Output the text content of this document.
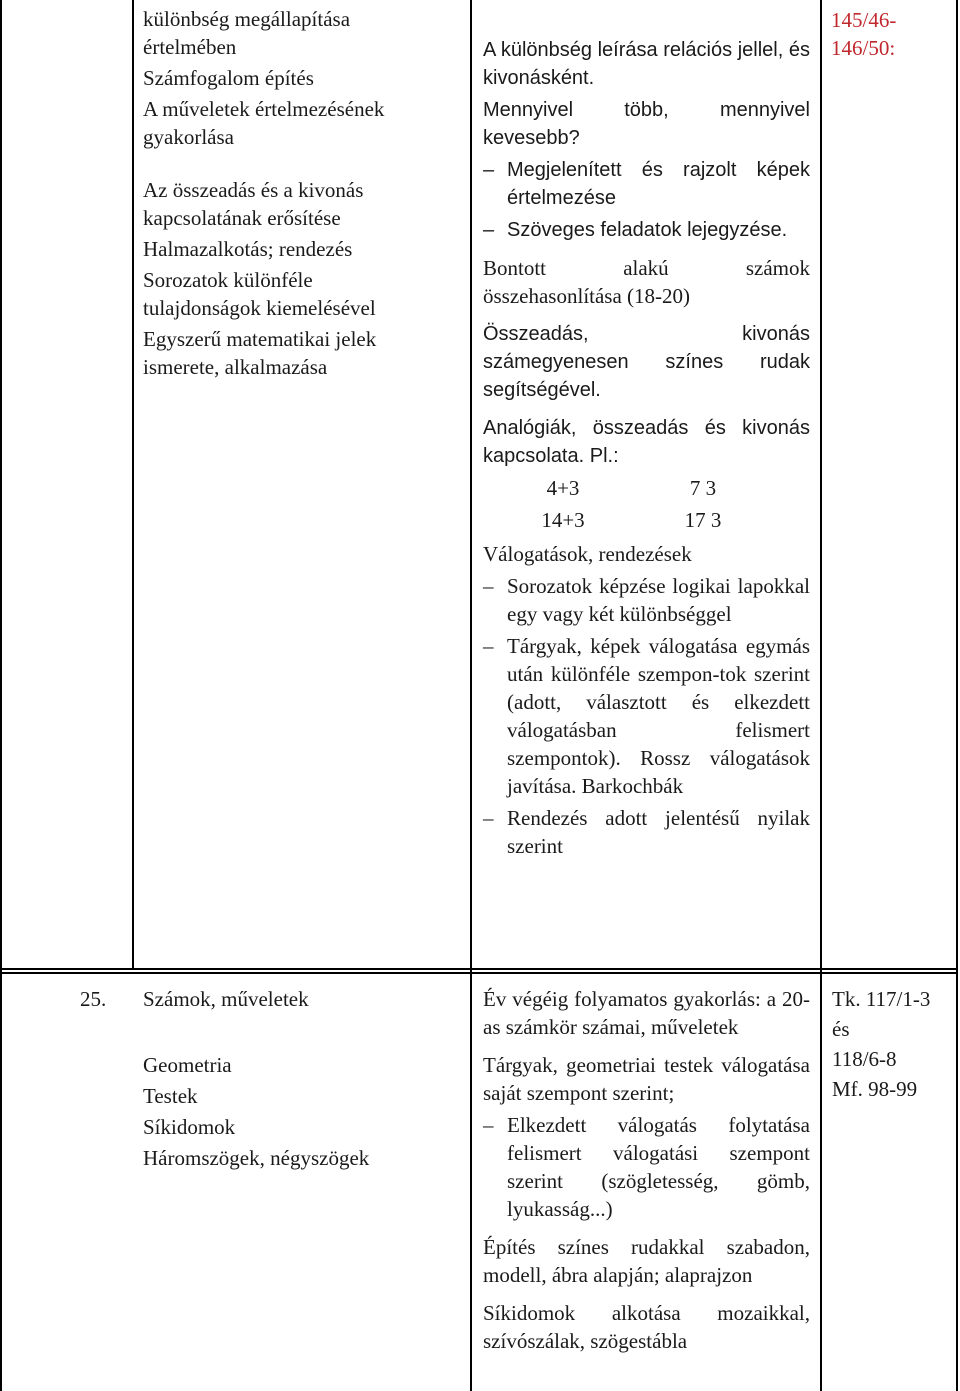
különbség megállapítása értelmében
Számfogalom építés
A műveletek értelmezésének gyakorlása
Az összeadás és a kivonás kapcsolatának erősítése
Halmazalkotás; rendezés
Sorozatok különféle tulajdonságok kiemelésével
Egyszerű matematikai jelek ismerete, alkalmazása
A különbség leírása relációs jellel, és kivonásként.
Mennyivel több, mennyivel kevesebb?
– Megjelenített és rajzolt képek értelmezése
– Szöveges feladatok lejegyzése.
Bontott alakú számok összehasonlítása (18-20)
Összeadás, kivonás számegyenesen színes rudak segítségével.
Analógiák, összeadás és kivonás kapcsolata. Pl.:
4+3	7 3
14+3	17 3
Válogatások, rendezések
– Sorozatok képzése logikai lapokkal egy vagy két különbséggel
– Tárgyak, képek válogatása egymás után különféle szempon-tok szerint (adott, választott és elkezdett válogatásban felismert szempontok). Rossz válogatások javítása. Barkochbák
– Rendezés adott jelentésű nyilak szerint
145/46-146/50:
25. Számok, műveletek
Geometria
Testek
Síkidomok
Háromszögek, négyszögek
Év végéig folyamatos gyakorlás: a 20-as számkör számai, műveletek
Tárgyak, geometriai testek válogatása saját szempont szerint;
– Elkezdett válogatás folytatása felismert válogatási szempont szerint (szögletesség, gömb, lyukasság...)
Építés színes rudakkal szabadon, modell, ábra alapján; alaprajzon
Síkidomok alkotása mozaikkal, szívószálak, szögestábla
Tk. 117/1-3
és
118/6-8
Mf. 98-99
